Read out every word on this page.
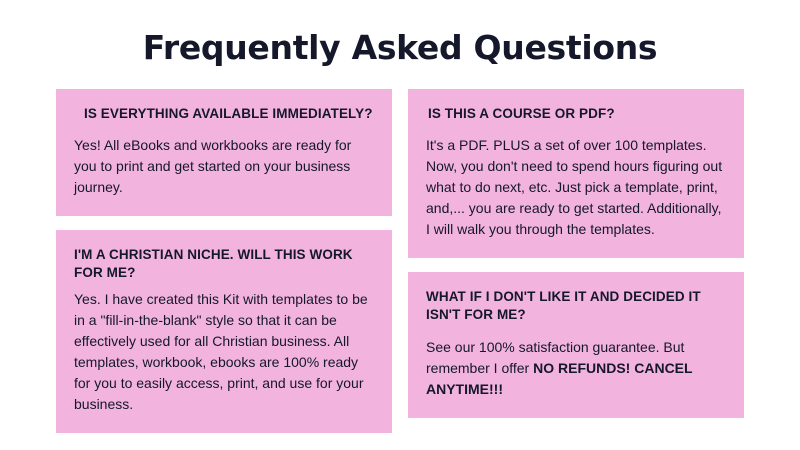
Frequently Asked Questions

IS EVERYTHING AVAILABLE IMMEDIATELY?

Yes! All eBooks and workbooks are ready for you to print and get started on your business journey.

I'M A CHRISTIAN NICHE. WILL THIS WORK FOR ME?

Yes. I have created this Kit with templates to be in a "fill-in-the-blank" style so that it can be effectively used for all Christian business. All templates, workbook, ebooks are 100% ready for you to easily access, print, and use for your business.

IS THIS A COURSE OR PDF?

It's a PDF. PLUS a set of over 100 templates. Now, you don't need to spend hours figuring out what to do next, etc. Just pick a template, print, and,... you are ready to get started. Additionally, I will walk you through the templates.

WHAT IF I DON'T LIKE IT AND DECIDED IT ISN'T FOR ME?

See our 100% satisfaction guarantee. But remember I offer NO REFUNDS! CANCEL ANYTIME!!!
